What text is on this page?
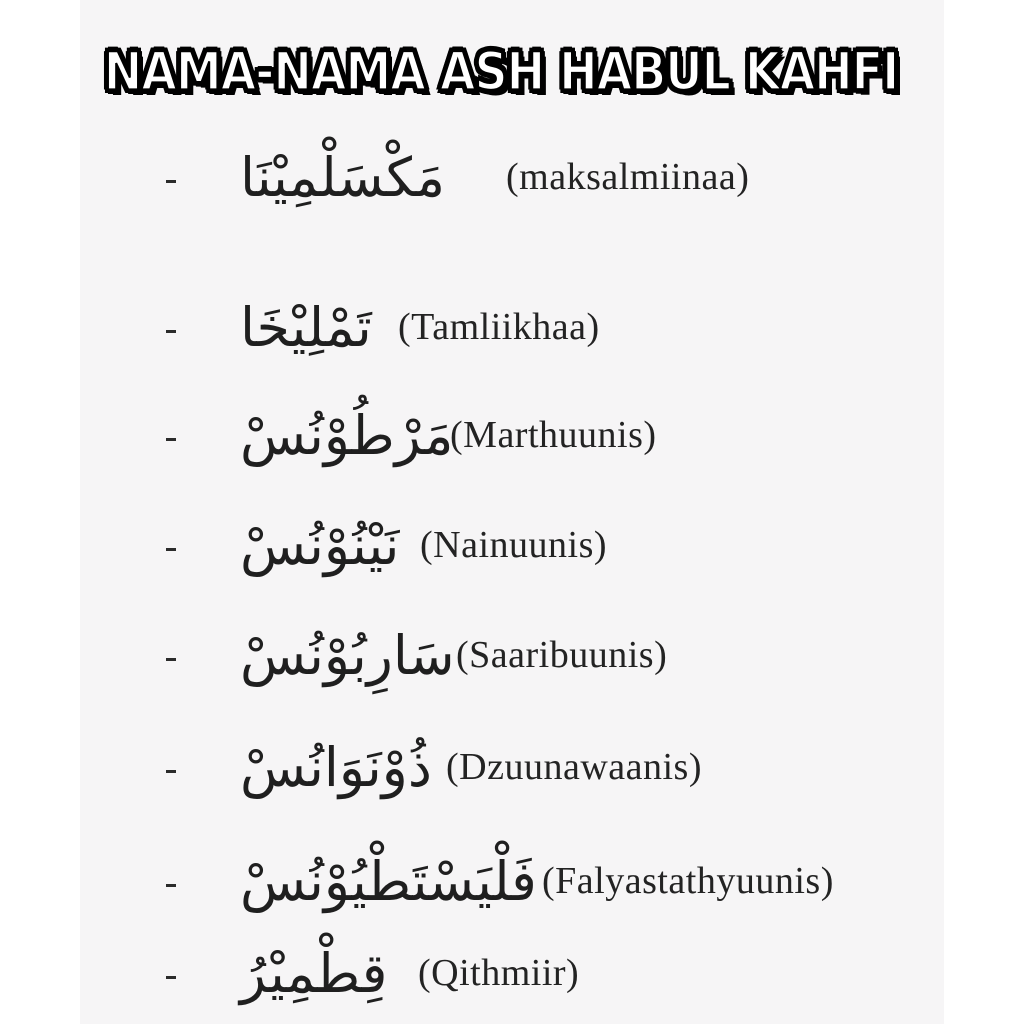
NAMA-NAMA ASH HABUL KAHFI
مَكْسَلْمِيْنَا (maksalmiinaa)
تَمْلِيْخَا (Tamliikhaa)
مَرْطُوْنُسْ
(Marthuunis)
نَيْنُوْنُسْ (Nainuunis)
سَارِبُوْنُسْ (Saaribuunis)
ذُوْنَوَانُسْ (Dzuunawaanis)
فَلْيَسْتَطْيُوْنُسْ (Falyastathyuunis)
قِطْمِيْرُ (Qithmiir)
